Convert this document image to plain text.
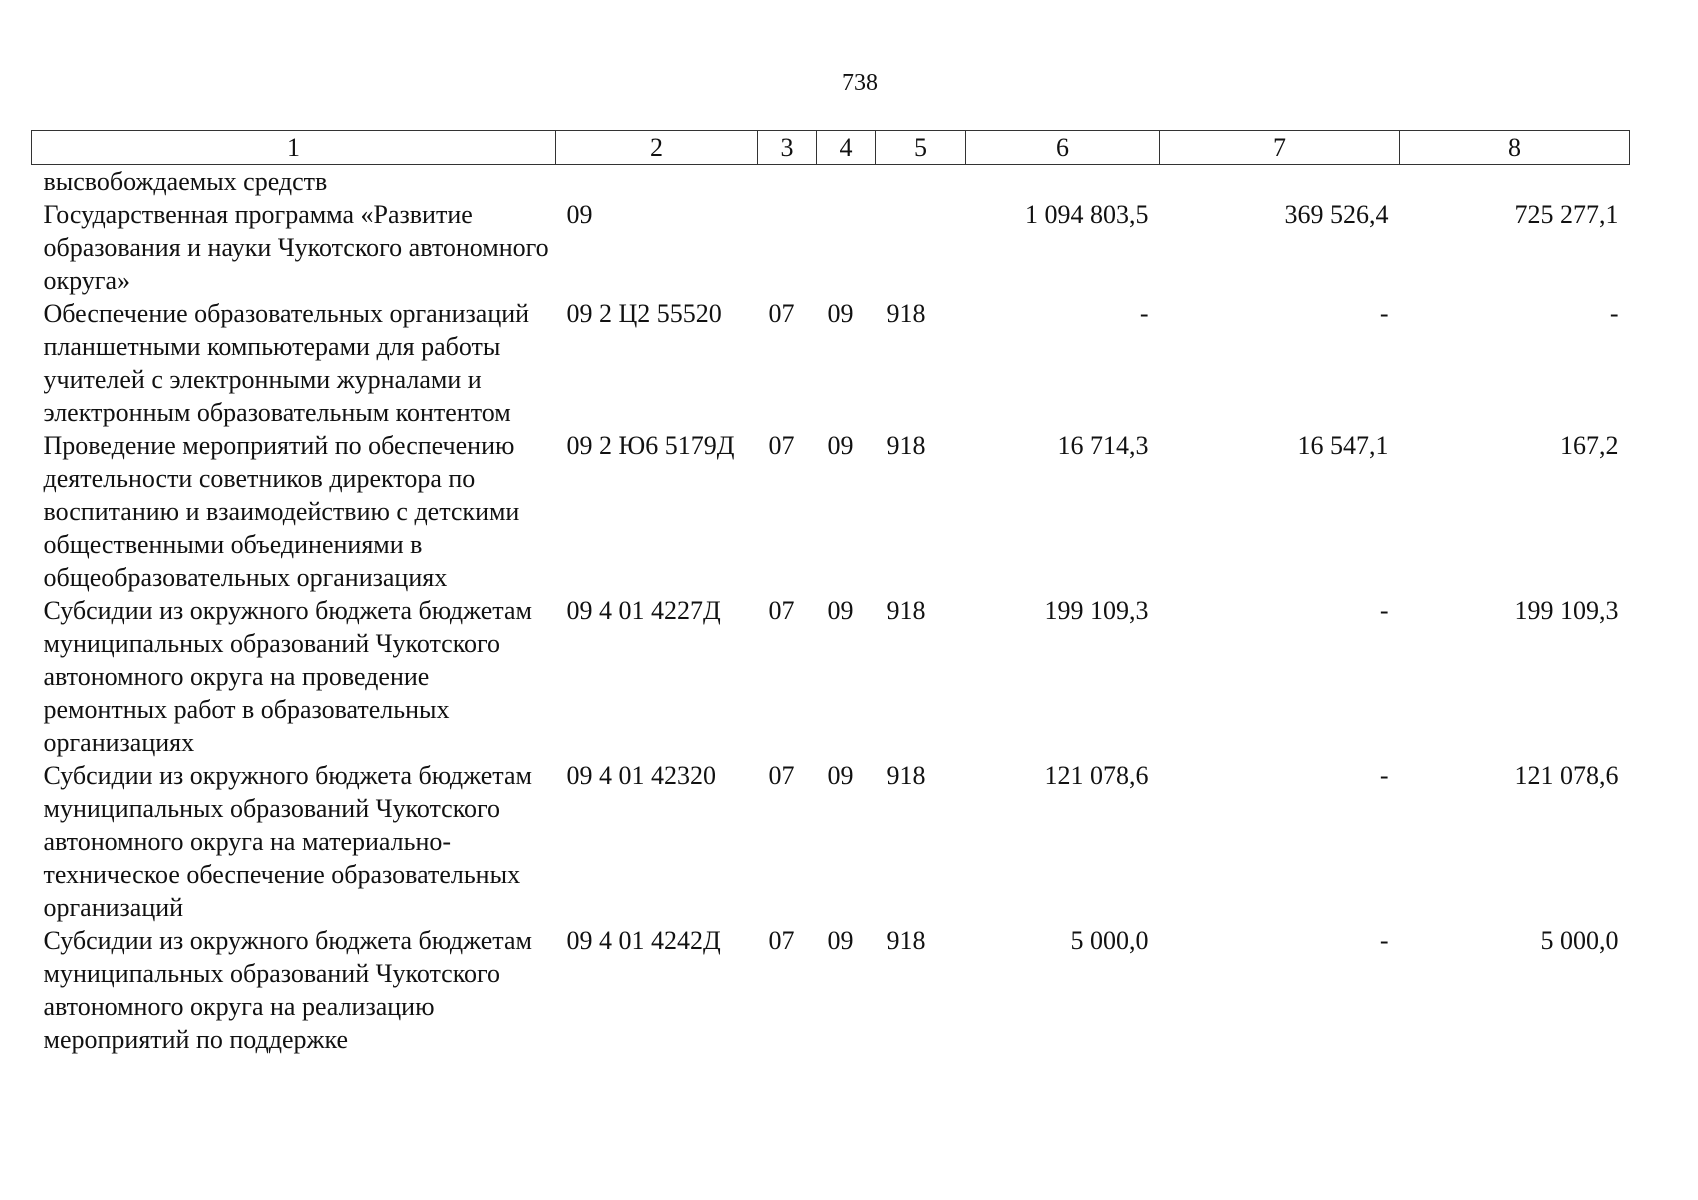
738
1	2	3	4	5	6	7	8
высвобождаемых средств							
Государственная программа «Развитие образования и науки Чукотского автономного округа»	09				1 094 803,5	369 526,4	725 277,1
Обеспечение образовательных организаций планшетными компьютерами для работы учителей с электронными журналами и электронным образовательным контентом	09 2 Ц2 55520	07	09	918	-	-	-
Проведение мероприятий по обеспечению деятельности советников директора по воспитанию и взаимодействию с детскими общественными объединениями в общеобразовательных организациях	09 2 Ю6 5179Д	07	09	918	16 714,3	16 547,1	167,2
Субсидии из окружного бюджета бюджетам муниципальных образований Чукотского автономного округа на проведение ремонтных работ в образовательных организациях	09 4 01 4227Д	07	09	918	199 109,3	-	199 109,3
Субсидии из окружного бюджета бюджетам муниципальных образований Чукотского автономного округа на материально-техническое обеспечение образовательных организаций	09 4 01 42320	07	09	918	121 078,6	-	121 078,6
Субсидии из окружного бюджета бюджетам муниципальных образований Чукотского автономного округа на реализацию мероприятий по поддержке	09 4 01 4242Д	07	09	918	5 000,0	-	5 000,0
